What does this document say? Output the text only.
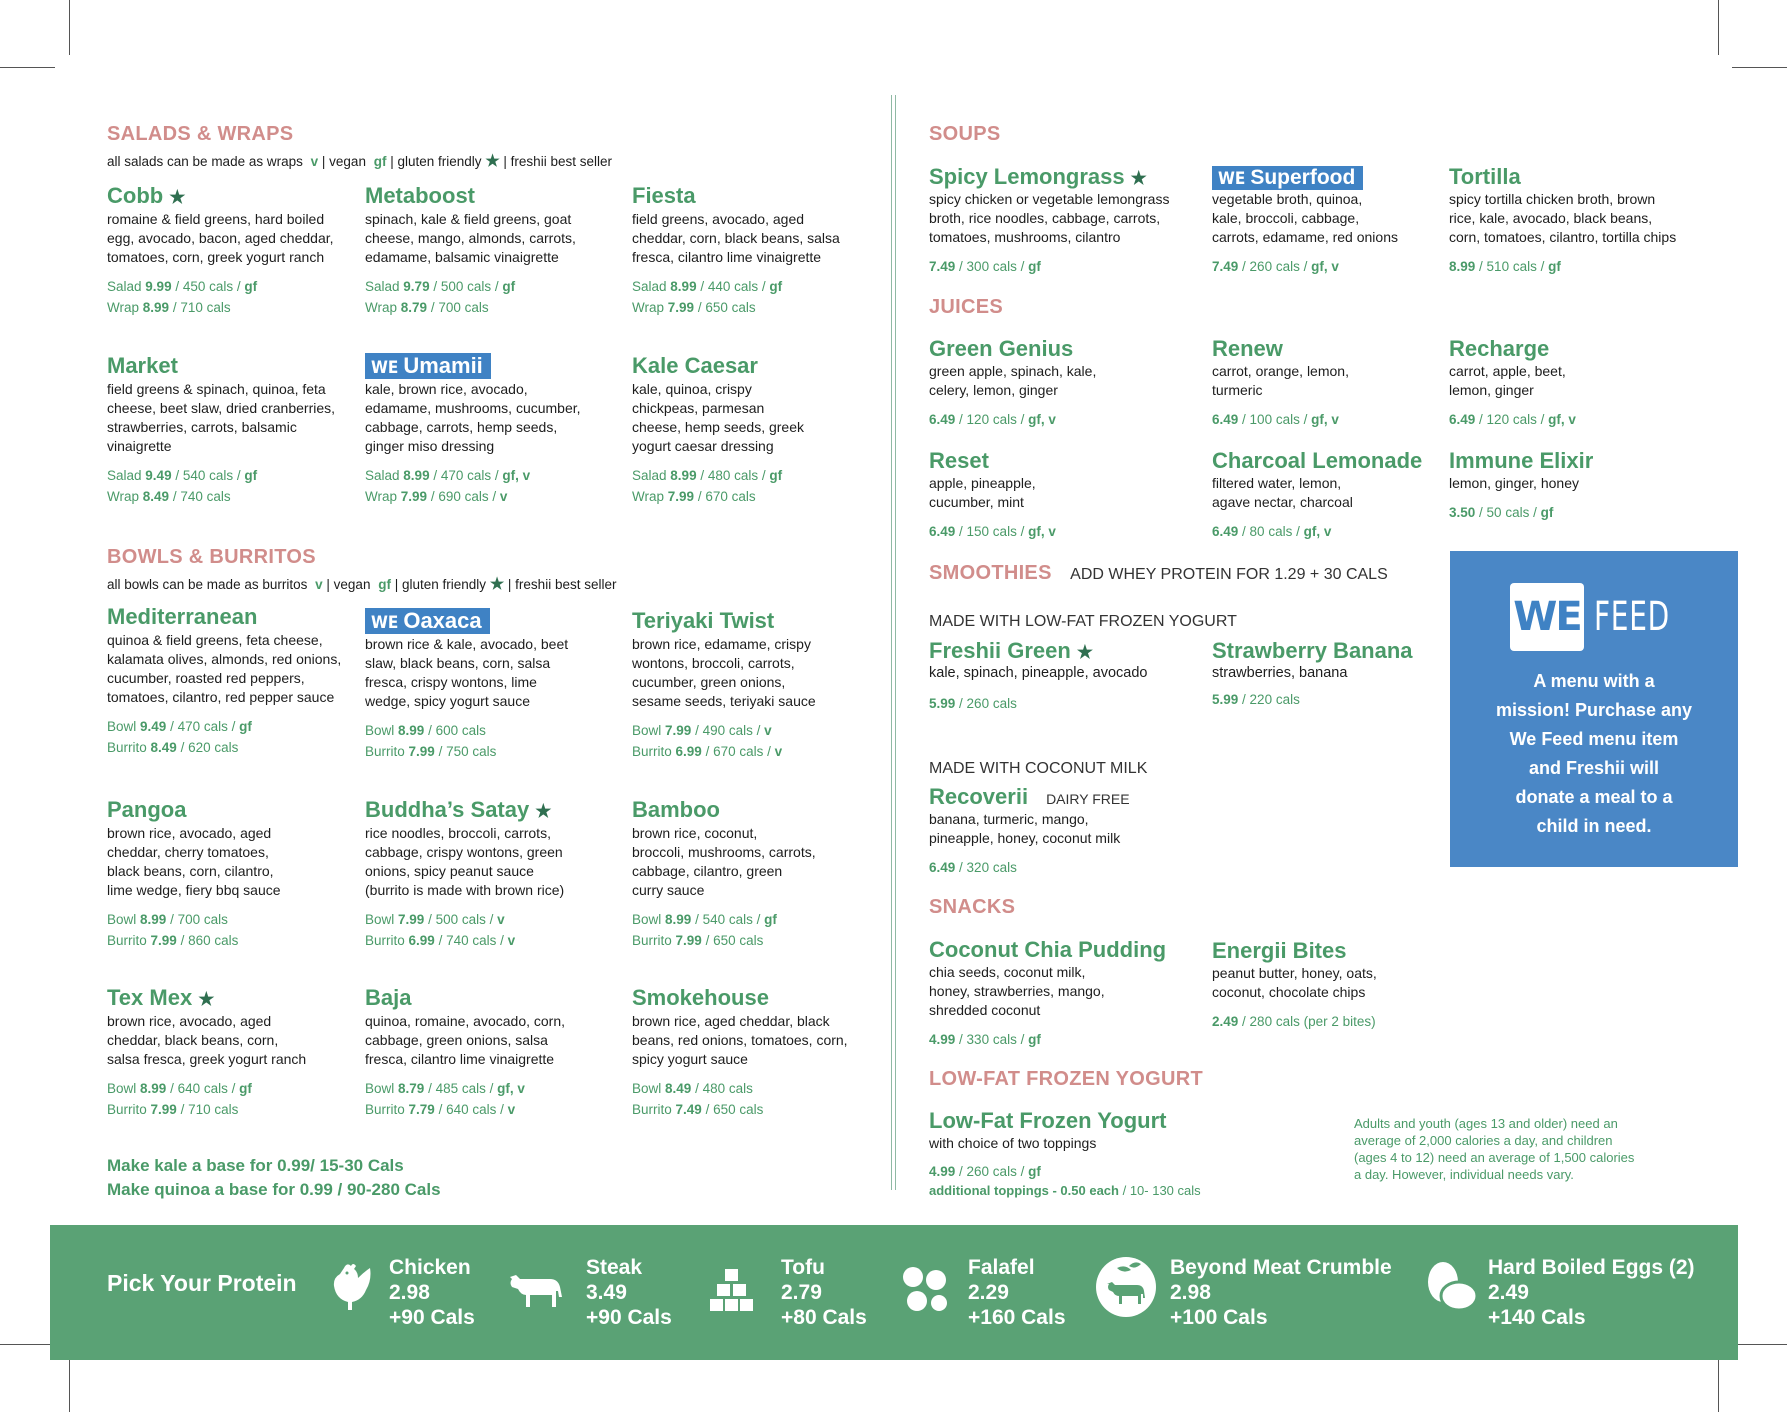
SALADS & WRAPS
all salads can be made as wraps v | vegan gf | gluten friendly ★ | freshii best seller
Cobb ★
romaine & field greens, hard boiled
egg, avocado, bacon, aged cheddar,
tomatoes, corn, greek yogurt ranch
Salad 9.99 / 450 cals / gf
Wrap 8.99 / 710 cals
Metaboost
spinach, kale & field greens, goat
cheese, mango, almonds, carrots,
edamame, balsamic vinaigrette
Salad 9.79 / 500 cals / gf
Wrap 8.79 / 700 cals
Fiesta
field greens, avocado, aged
cheddar, corn, black beans, salsa
fresca, cilantro lime vinaigrette
Salad 8.99 / 440 cals / gf
Wrap 7.99 / 650 cals
Market
field greens & spinach, quinoa, feta
cheese, beet slaw, dried cranberries,
strawberries, carrots, balsamic
vinaigrette
Salad 9.49 / 540 cals / gf
Wrap 8.49 / 740 cals
WE Umamii
kale, brown rice, avocado,
edamame, mushrooms, cucumber,
cabbage, carrots, hemp seeds,
ginger miso dressing
Salad 8.99 / 470 cals / gf, v
Wrap 7.99 / 690 cals / v
Kale Caesar
kale, quinoa, crispy
chickpeas, parmesan
cheese, hemp seeds, greek
yogurt caesar dressing
Salad 8.99 / 480 cals / gf
Wrap 7.99 / 670 cals
BOWLS & BURRITOS
all bowls can be made as burritos v | vegan gf | gluten friendly ★ | freshii best seller
Mediterranean
quinoa & field greens, feta cheese,
kalamata olives, almonds, red onions,
cucumber, roasted red peppers,
tomatoes, cilantro, red pepper sauce
Bowl 9.49 / 470 cals / gf
Burrito 8.49 / 620 cals
WE Oaxaca
brown rice & kale, avocado, beet
slaw, black beans, corn, salsa
fresca, crispy wontons, lime
wedge, spicy yogurt sauce
Bowl 8.99 / 600 cals
Burrito 7.99 / 750 cals
Teriyaki Twist
brown rice, edamame, crispy
wontons, broccoli, carrots,
cucumber, green onions,
sesame seeds, teriyaki sauce
Bowl 7.99 / 490 cals / v
Burrito 6.99 / 670 cals / v
Pangoa
brown rice, avocado, aged
cheddar, cherry tomatoes,
black beans, corn, cilantro,
lime wedge, fiery bbq sauce
Bowl 8.99 / 700 cals
Burrito 7.99 / 860 cals
Buddha’s Satay ★
rice noodles, broccoli, carrots,
cabbage, crispy wontons, green
onions, spicy peanut sauce
(burrito is made with brown rice)
Bowl 7.99 / 500 cals / v
Burrito 6.99 / 740 cals / v
Bamboo
brown rice, coconut,
broccoli, mushrooms, carrots,
cabbage, cilantro, green
curry sauce
Bowl 8.99 / 540 cals / gf
Burrito 7.99 / 650 cals
Tex Mex ★
brown rice, avocado, aged
cheddar, black beans, corn,
salsa fresca, greek yogurt ranch
Bowl 8.99 / 640 cals / gf
Burrito 7.99 / 710 cals
Baja
quinoa, romaine, avocado, corn,
cabbage, green onions, salsa
fresca, cilantro lime vinaigrette
Bowl 8.79 / 485 cals / gf, v
Burrito 7.79 / 640 cals / v
Smokehouse
brown rice, aged cheddar, black
beans, red onions, tomatoes, corn,
spicy yogurt sauce
Bowl 8.49 / 480 cals
Burrito 7.49 / 650 cals
Make kale a base for 0.99/ 15-30 Cals
Make quinoa a base for 0.99 / 90-280 Cals
SOUPS
Spicy Lemongrass ★
spicy chicken or vegetable lemongrass
broth, rice noodles, cabbage, carrots,
tomatoes, mushrooms, cilantro
7.49 / 300 cals / gf
WE Superfood
vegetable broth, quinoa,
kale, broccoli, cabbage,
carrots, edamame, red onions
7.49 / 260 cals / gf, v
Tortilla
spicy tortilla chicken broth, brown
rice, kale, avocado, black beans,
corn, tomatoes, cilantro, tortilla chips
8.99 / 510 cals / gf
JUICES
Green Genius
green apple, spinach, kale,
celery, lemon, ginger
6.49 / 120 cals / gf, v
Renew
carrot, orange, lemon,
turmeric
6.49 / 100 cals / gf, v
Recharge
carrot, apple, beet,
lemon, ginger
6.49 / 120 cals / gf, v
Reset
apple, pineapple,
cucumber, mint
6.49 / 150 cals / gf, v
Charcoal Lemonade
filtered water, lemon,
agave nectar, charcoal
6.49 / 80 cals / gf, v
Immune Elixir
lemon, ginger, honey
3.50 / 50 cals / gf
SMOOTHIES ADD WHEY PROTEIN FOR 1.29 + 30 CALS
MADE WITH LOW-FAT FROZEN YOGURT
Freshii Green ★
kale, spinach, pineapple, avocado
5.99 / 260 cals
Strawberry Banana
strawberries, banana
5.99 / 220 cals
MADE WITH COCONUT MILK
Recoverii DAIRY FREE
banana, turmeric, mango,
pineapple, honey, coconut milk
6.49 / 320 cals
SNACKS
Coconut Chia Pudding
chia seeds, coconut milk,
honey, strawberries, mango,
shredded coconut
4.99 / 330 cals / gf
Energii Bites
peanut butter, honey, oats,
coconut, chocolate chips
2.49 / 280 cals (per 2 bites)
LOW-FAT FROZEN YOGURT
Low-Fat Frozen Yogurt
with choice of two toppings
4.99 / 260 cals / gf
additional toppings - 0.50 each / 10- 130 cals
Adults and youth (ages 13 and older) need an
average of 2,000 calories a day, and children
(ages 4 to 12) need an average of 1,500 calories
a day. However, individual needs vary.
WE FEED
A menu with a
mission! Purchase any
We Feed menu item
and Freshii will
donate a meal to a
child in need.
Pick Your Protein
Chicken
2.98
+90 Cals
Steak
3.49
+90 Cals
Tofu
2.79
+80 Cals
Falafel
2.29
+160 Cals
Beyond Meat Crumble
2.98
+100 Cals
Hard Boiled Eggs (2)
2.49
+140 Cals
